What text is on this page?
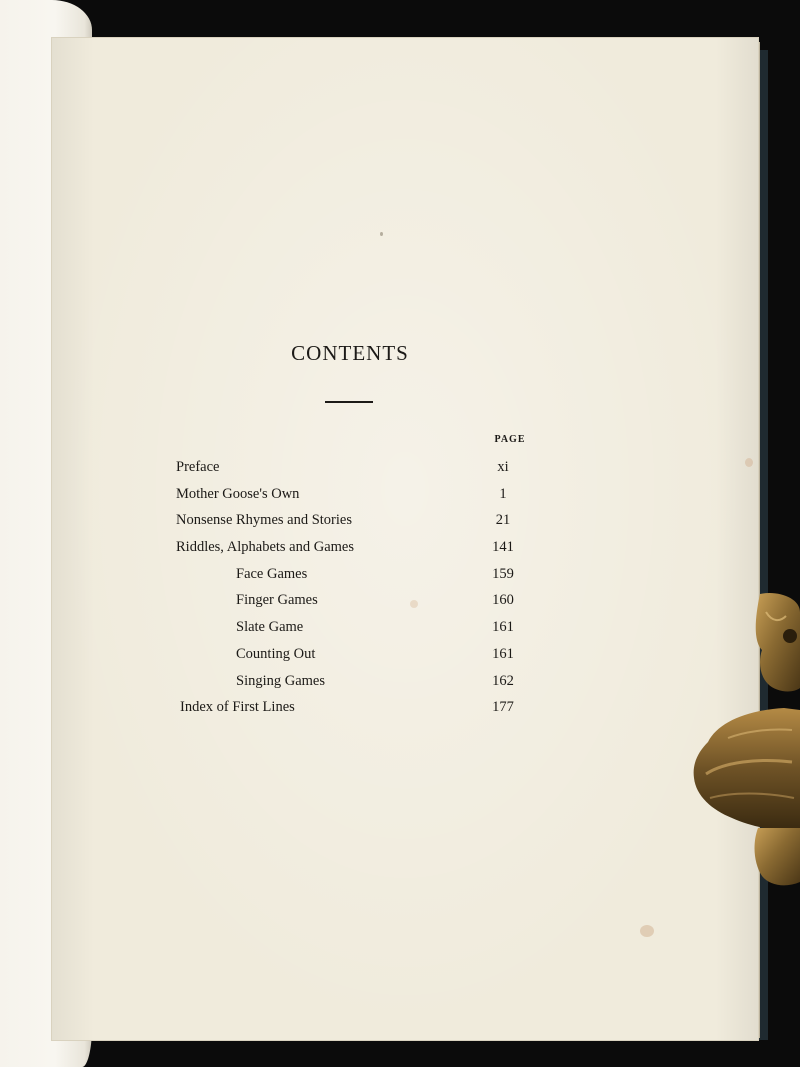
CONTENTS
PAGE
Preface	xi
Mother Goose's Own	1
Nonsense Rhymes and Stories	21
Riddles, Alphabets and Games	141
Face Games	159
Finger Games	160
Slate Game	161
Counting Out	161
Singing Games	162
Index of First Lines	177
